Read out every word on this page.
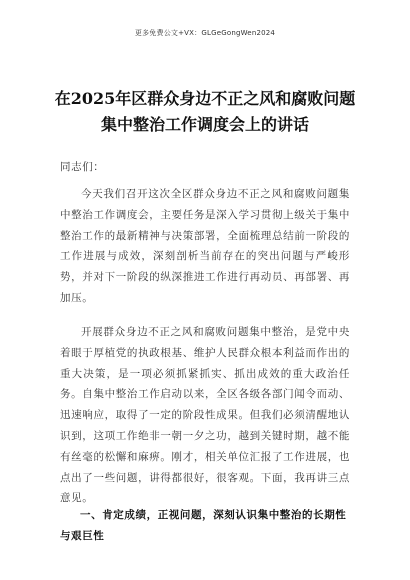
更多免费公文+VX：GLGeGongWen2024
在2025年区群众身边不正之风和腐败问题集中整治工作调度会上的讲话
同志们：
今天我们召开这次全区群众身边不正之风和腐败问题集中整治工作调度会，主要任务是深入学习贯彻上级关于集中整治工作的最新精神与决策部署，全面梳理总结前一阶段的工作进展与成效，深刻剖析当前存在的突出问题与严峻形势，并对下一阶段的纵深推进工作进行再动员、再部署、再加压。
开展群众身边不正之风和腐败问题集中整治，是党中央着眼于厚植党的执政根基、维护人民群众根本利益而作出的重大决策，是一项必须抓紧抓实、抓出成效的重大政治任务。自集中整治工作启动以来，全区各级各部门闻令而动、迅速响应，取得了一定的阶段性成果。但我们必须清醒地认识到，这项工作绝非一朝一夕之功，越到关键时期，越不能有丝毫的松懈和麻痹。刚才，相关单位汇报了工作进展，也点出了一些问题，讲得都很好，很客观。下面，我再讲三点意见。
一、肯定成绩，正视问题，深刻认识集中整治的长期性与艰巨性
